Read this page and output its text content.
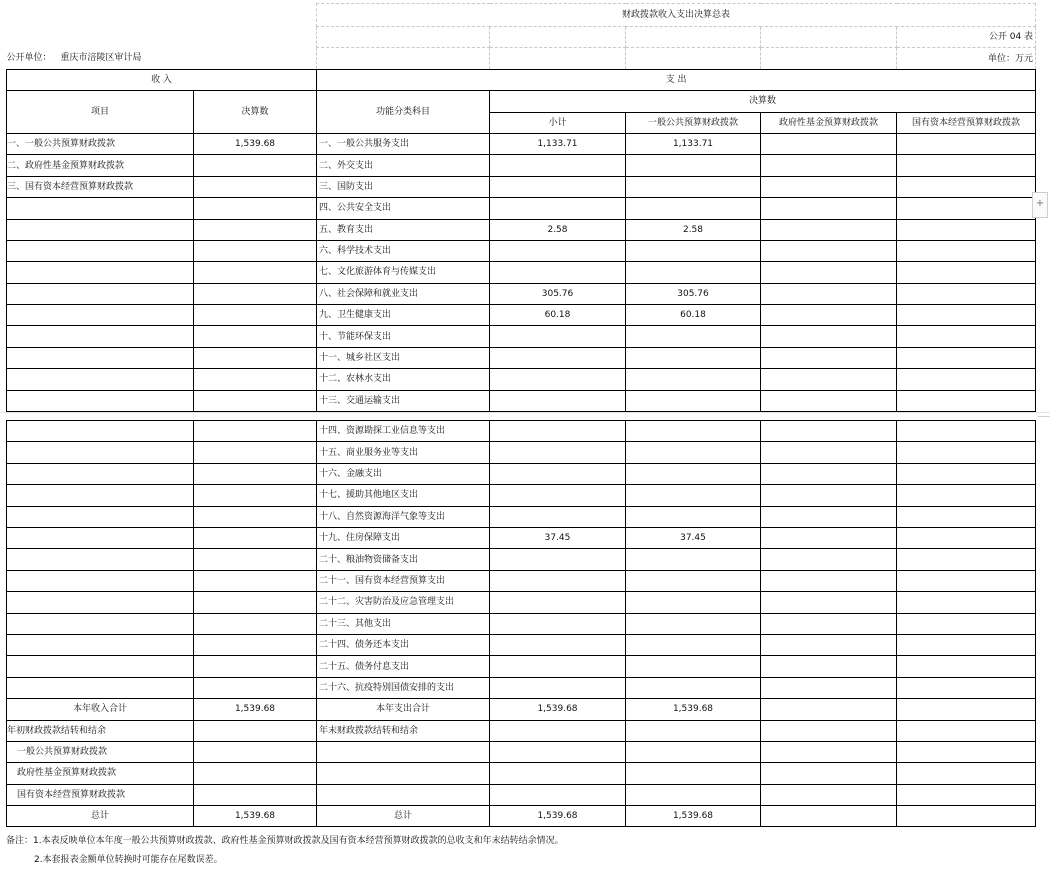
		财政拨款收入支出决算总表				
						公开 04 表
公开单位： 重庆市涪陵区审计局						单位：万元
收 入		支 出				
项目	决算数	功能分类科目	决算数			
			小计	一般公共预算财政拨款	政府性基金预算财政拨款	国有资本经营预算财政拨款
一、一般公共预算财政拨款	1,539.68	一、一般公共服务支出	1,133.71	1,133.71		
二、政府性基金预算财政拨款		二、外交支出				
三、国有资本经营预算财政拨款		三、国防支出				
		四、公共安全支出				
		五、教育支出	2.58	2.58		
		六、科学技术支出				
		七、文化旅游体育与传媒支出				
		八、社会保障和就业支出	305.76	305.76		
		九、卫生健康支出	60.18	60.18		
		十、节能环保支出				
		十一、城乡社区支出				
		十二、农林水支出				
		十三、交通运输支出				

		十四、资源勘探工业信息等支出				
		十五、商业服务业等支出				
		十六、金融支出				
		十七、援助其他地区支出				
		十八、自然资源海洋气象等支出				
		十九、住房保障支出	37.45	37.45		
		二十、粮油物资储备支出				
		二十一、国有资本经营预算支出				
		二十二、灾害防治及应急管理支出				
		二十三、其他支出				
		二十四、债务还本支出				
		二十五、债务付息支出				
		二十六、抗疫特别国债安排的支出				
本年收入合计	1,539.68	本年支出合计	1,539.68	1,539.68		
年初财政拨款结转和结余		年末财政拨款结转和结余				
一般公共预算财政拨款						
政府性基金预算财政拨款						
国有资本经营预算财政拨款						
总计	1,539.68	总计	1,539.68	1,539.68		
备注：1.本表反映单位本年度一般公共预算财政拨款、政府性基金预算财政拨款及国有资本经营预算财政拨款的总收支和年末结转结余情况。
2.本套报表金额单位转换时可能存在尾数误差。
+
